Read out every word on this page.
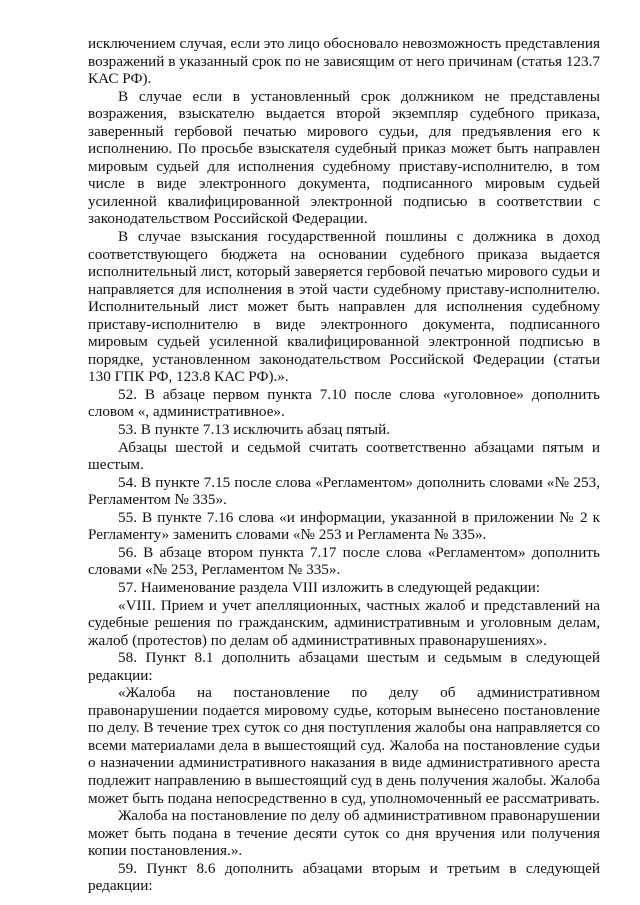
исключением случая, если это лицо обосновало невозможность представления возражений в указанный срок по не зависящим от него причинам (статья 123.7 КАС РФ).

В случае если в установленный срок должником не представлены возражения, взыскателю выдается второй экземпляр судебного приказа, заверенный гербовой печатью мирового судьи, для предъявления его к исполнению. По просьбе взыскателя судебный приказ может быть направлен мировым судьей для исполнения судебному приставу-исполнителю, в том числе в виде электронного документа, подписанного мировым судьей усиленной квалифицированной электронной подписью в соответствии с законодательством Российской Федерации.

В случае взыскания государственной пошлины с должника в доход соответствующего бюджета на основании судебного приказа выдается исполнительный лист, который заверяется гербовой печатью мирового судьи и направляется для исполнения в этой части судебному приставу-исполнителю. Исполнительный лист может быть направлен для исполнения судебному приставу-исполнителю в виде электронного документа, подписанного мировым судьей усиленной квалифицированной электронной подписью в порядке, установленном законодательством Российской Федерации (статьи 130 ГПК РФ, 123.8 КАС РФ).».

52. В абзаце первом пункта 7.10 после слова «уголовное» дополнить словом «, административное».

53. В пункте 7.13 исключить абзац пятый.

Абзацы шестой и седьмой считать соответственно абзацами пятым и шестым.

54. В пункте 7.15 после слова «Регламентом» дополнить словами «№ 253, Регламентом № 335».

55. В пункте 7.16 слова «и информации, указанной в приложении № 2 к Регламенту» заменить словами «№ 253 и Регламента № 335».

56. В абзаце втором пункта 7.17 после слова «Регламентом» дополнить словами «№ 253, Регламентом № 335».

57. Наименование раздела VIII изложить в следующей редакции:

«VIII. Прием и учет апелляционных, частных жалоб и представлений на судебные решения по гражданским, административным и уголовным делам, жалоб (протестов) по делам об административных правонарушениях».

58. Пункт 8.1 дополнить абзацами шестым и седьмым в следующей редакции:

«Жалоба на постановление по делу об административном правонарушении подается мировому судье, которым вынесено постановление по делу. В течение трех суток со дня поступления жалобы она направляется со всеми материалами дела в вышестоящий суд. Жалоба на постановление судьи о назначении административного наказания в виде административного ареста подлежит направлению в вышестоящий суд в день получения жалобы. Жалоба может быть подана непосредственно в суд, уполномоченный ее рассматривать.

Жалоба на постановление по делу об административном правонарушении может быть подана в течение десяти суток со дня вручения или получения копии постановления.».

59. Пункт 8.6 дополнить абзацами вторым и третьим в следующей редакции:
